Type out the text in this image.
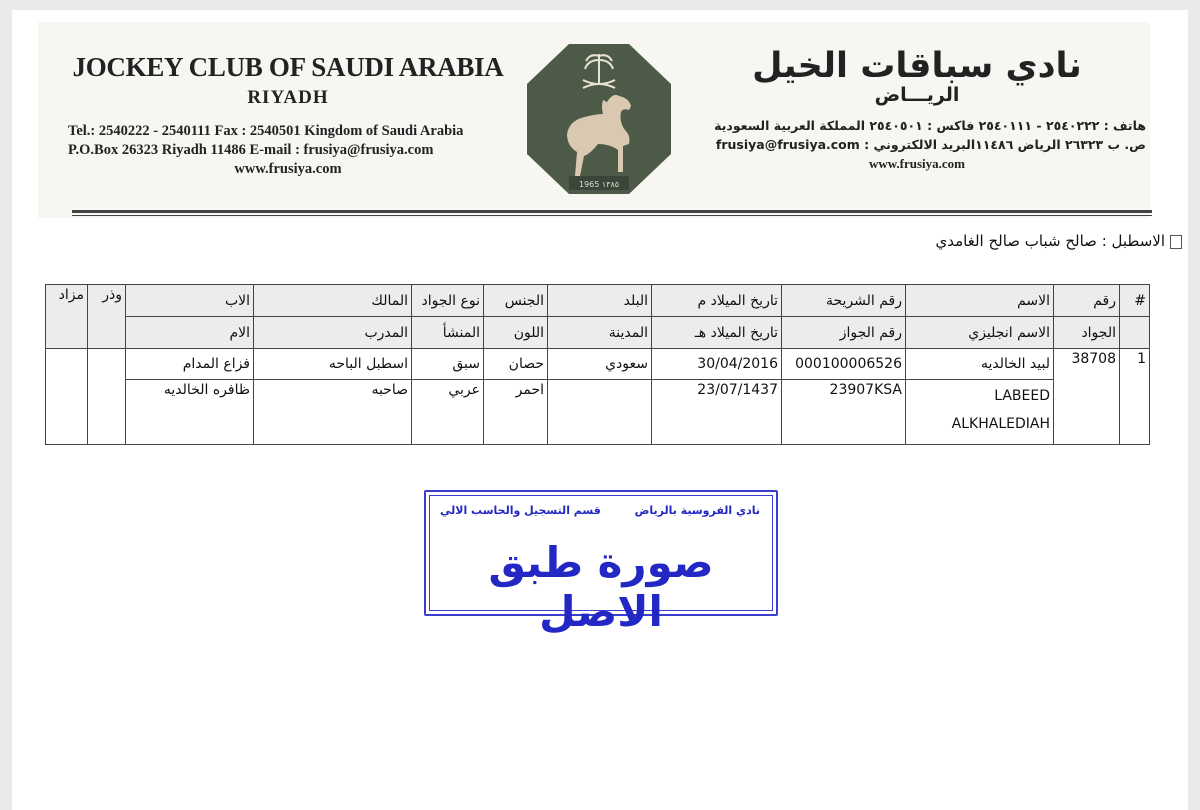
JOCKEY CLUB OF SAUDI ARABIA
RIYADH
Tel.: 2540222 - 2540111 Fax : 2540501 Kingdom of Saudi Arabia
P.O.Box 26323 Riyadh 11486 E-mail : frusiya@frusiya.com
www.frusiya.com
1965 ١٣٨٥
نادي سباقات الخيل
الريـــاض
هاتف : ٢٥٤٠٢٢٢ - ٢٥٤٠١١١ فاكس : ٢٥٤٠٥٠١ المملكة العربية السعودية
ص. ب ٢٦٣٢٣ الرياض ١١٤٨٦البريد الالكتروني : frusiya@frusiya.com
www.frusiya.com
الاسطبل : صالح شباب صالح الغامدي
#	رقم	الاسم	رقم الشريحة	تاريخ الميلاد م	البلد	الجنس	نوع الجواد	المالك	الاب	وذر	مزاد
	الجواد	الاسم انجليزي	رقم الجواز	تاريخ الميلاد هـ	المدينة	اللون	المنشأ	المدرب	الام		
1	38708	لبيد الخالديه	000100006526	30/04/2016	سعودي	حصان	سبق	اسطبل الباحه	فزاع المدام		
		LABEED ALKHALEDIAH	23907KSA	23/07/1437		احمر	عربي	صاحبه	ظافره الخالديه		
نادي الفروسية بالرياض
قسم التسجيل والحاسب الالي
صورة طبق الاصل
